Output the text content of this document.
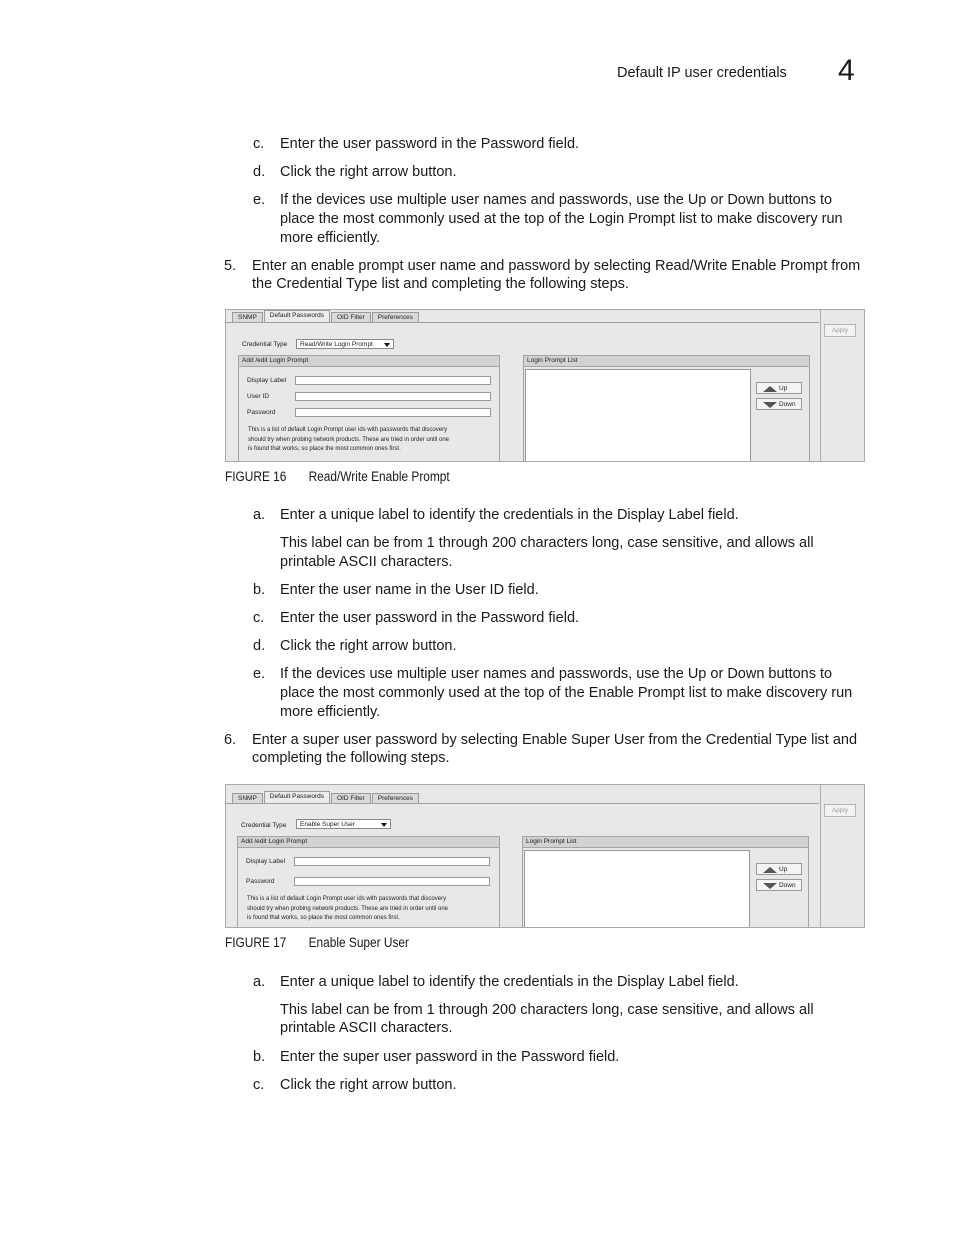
Default IP user credentials 4
c. Enter the user password in the Password field.
d. Click the right arrow button.
e. If the devices use multiple user names and passwords, use the Up or Down buttons to
place the most commonly used at the top of the Login Prompt list to make discovery run
more efficiently.
5. Enter an enable prompt user name and password by selecting Read/Write Enable Prompt from
the Credential Type list and completing the following steps.
SNMP	Default Passwords	OID Filter	Preferences
Apply
Credential Type	Read/Write Login Prompt
Add /edit Login Prompt
Display Label
User ID
Password
This is a list of default Login Prompt user ids with passwords that discovery
should try when probing network products. These are tried in order until one
is found that works, so place the most common ones first.
Login Prompt List
Up
Down
FIGURE 16 Read/Write Enable Prompt
a. Enter a unique label to identify the credentials in the Display Label field.
This label can be from 1 through 200 characters long, case sensitive, and allows all
printable ASCII characters.
b. Enter the user name in the User ID field.
c. Enter the user password in the Password field.
d. Click the right arrow button.
e. If the devices use multiple user names and passwords, use the Up or Down buttons to
place the most commonly used at the top of the Enable Prompt list to make discovery run
more efficiently.
6. Enter a super user password by selecting Enable Super User from the Credential Type list and
completing the following steps.
SNMP	Default Passwords	OID Filter	Preferences
Apply
Credential Type	Enable Super User
Add /edit Login Prompt
Display Label
Password
This is a list of default Login Prompt user ids with passwords that discovery
should try when probing network products. These are tried in order until one
is found that works, so place the most common ones first.
Login Prompt List
Up
Down
FIGURE 17 Enable Super User
a. Enter a unique label to identify the credentials in the Display Label field.
This label can be from 1 through 200 characters long, case sensitive, and allows all
printable ASCII characters.
b. Enter the super user password in the Password field.
c. Click the right arrow button.
